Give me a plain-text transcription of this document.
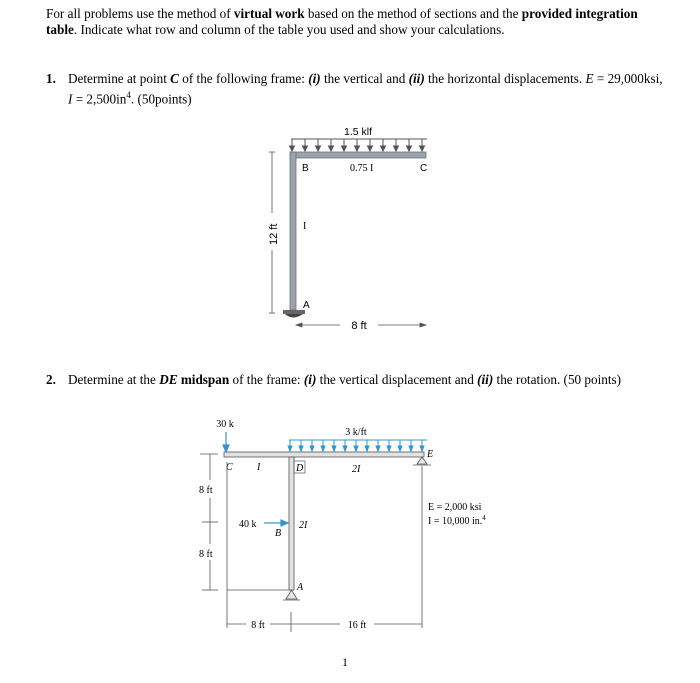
For all problems use the method of virtual work based on the method of sections and the provided integration
table. Indicate what row and column of the table you used and show your calculations.
1. Determine at point C of the following frame: (i) the vertical and (ii) the horizontal displacements. E = 29,000ksi,
$I = 2,500in^4$. (50points)
1.5 klf
B	C
A
0.75 I
I
12 ft
8 ft
2. Determine at the DE midspan of the frame: (i) the vertical displacement and (ii) the rotation. (50 points)
30 k
3 k/ft
C I	D	2I
E
2I
B
A
40 k
8 ft
8 ft
8 ft	16 ft
E = 2,000 ksi
I = 10,000 in.$^4$
1
